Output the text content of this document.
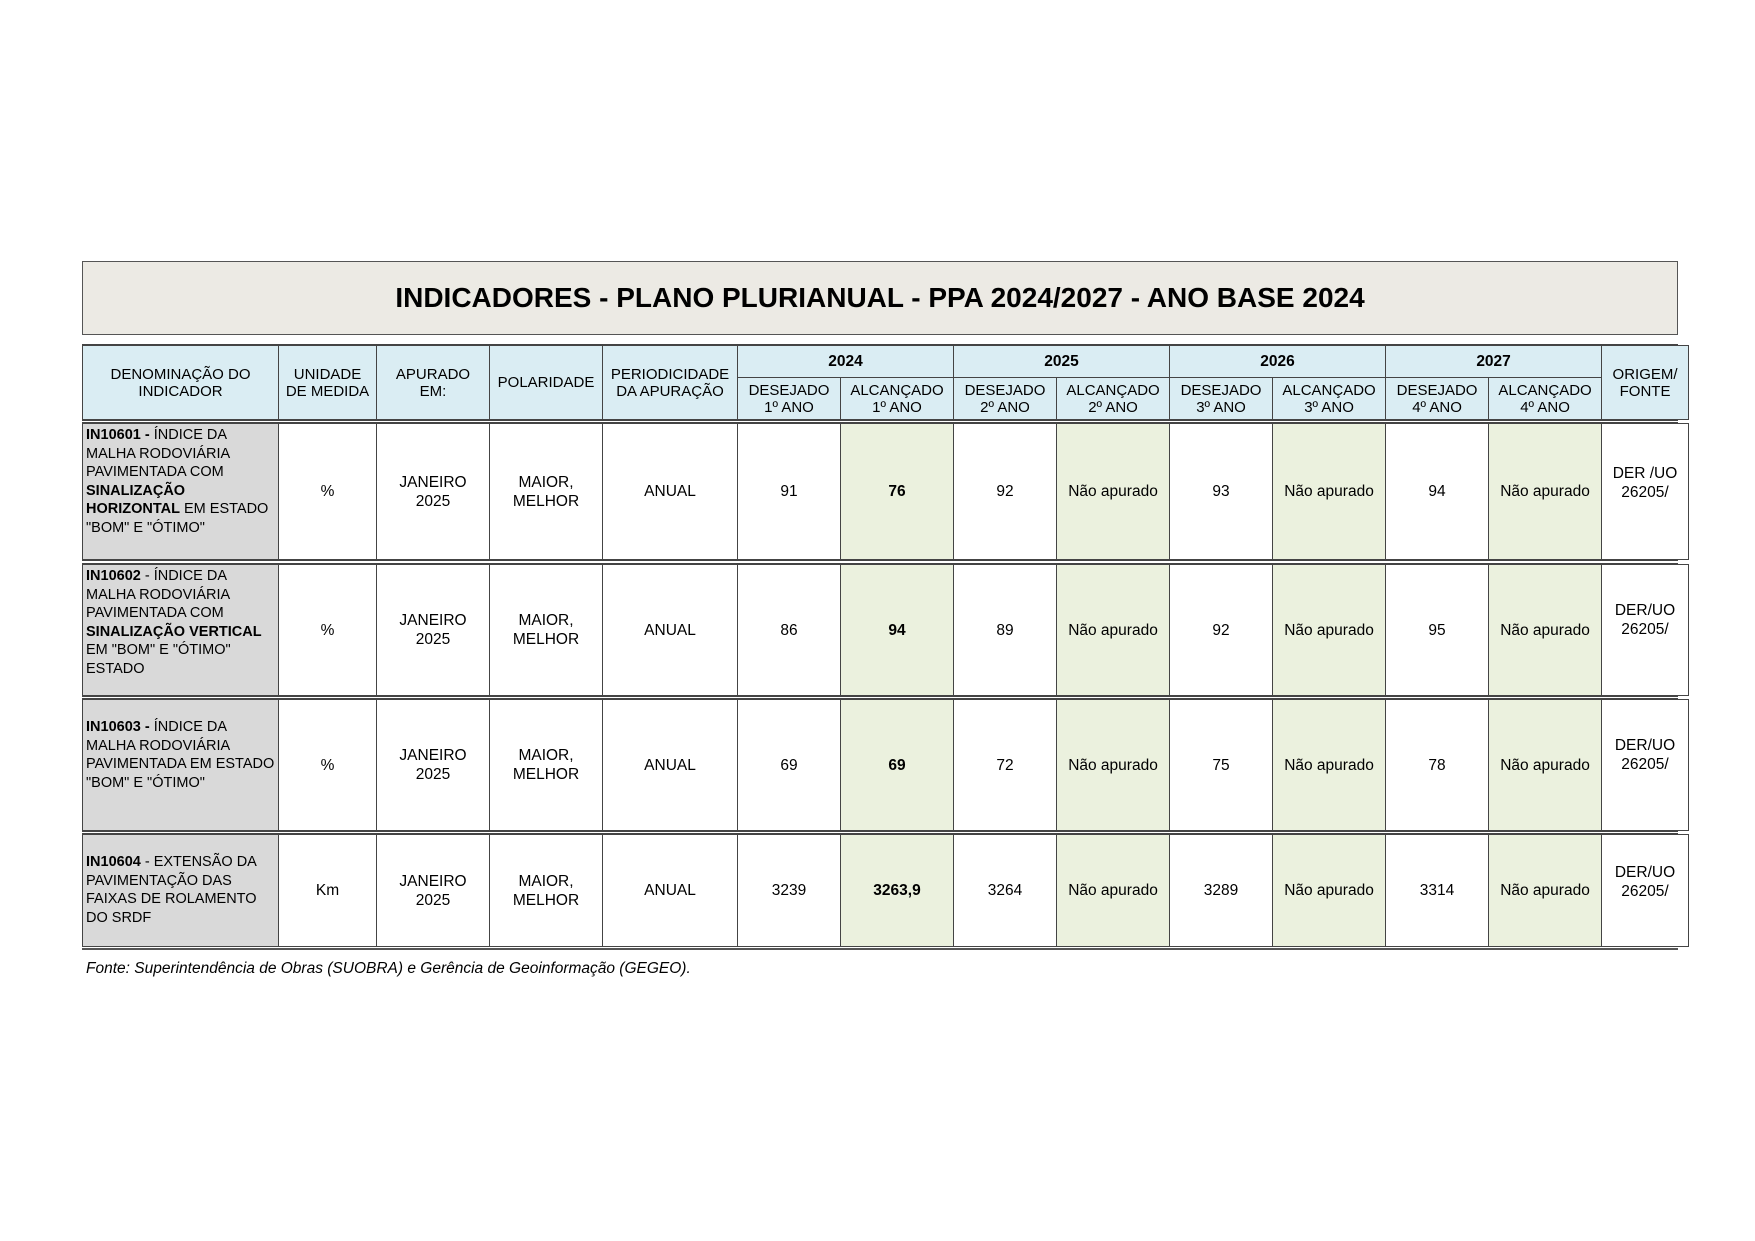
INDICADORES - PLANO PLURIANUAL - PPA 2024/2027 - ANO BASE 2024
DENOMINAÇÃO DO INDICADOR	UNIDADE DE MEDIDA	APURADO EM:	POLARIDADE	PERIODICIDADE DA APURAÇÃO	2024		2025		2026		2027		ORIGEM/ FONTE
					DESEJADO 1º ANO	ALCANÇADO 1º ANO	DESEJADO 2º ANO	ALCANÇADO 2º ANO	DESEJADO 3º ANO	ALCANÇADO 3º ANO	DESEJADO 4º ANO	ALCANÇADO 4º ANO	
IN10601 - ÍNDICE DA MALHA RODOVIÁRIA PAVIMENTADA COM SINALIZAÇÃO HORIZONTAL EM ESTADO "BOM" E "ÓTIMO"	%	JANEIRO 2025	MAIOR, MELHOR	ANUAL	91	76	92	Não apurado	93	Não apurado	94	Não apurado	DER /UO 26205/
IN10602 - ÍNDICE DA MALHA RODOVIÁRIA PAVIMENTADA COM SINALIZAÇÃO VERTICAL EM "BOM" E "ÓTIMO" ESTADO	%	JANEIRO 2025	MAIOR, MELHOR	ANUAL	86	94	89	Não apurado	92	Não apurado	95	Não apurado	DER/UO 26205/
IN10603 - ÍNDICE DA MALHA RODOVIÁRIA PAVIMENTADA EM ESTADO "BOM" E "ÓTIMO"	%	JANEIRO 2025	MAIOR, MELHOR	ANUAL	69	69	72	Não apurado	75	Não apurado	78	Não apurado	DER/UO 26205/
IN10604 - EXTENSÃO DA PAVIMENTAÇÃO DAS FAIXAS DE ROLAMENTO DO SRDF	Km	JANEIRO 2025	MAIOR, MELHOR	ANUAL	3239	3263,9	3264	Não apurado	3289	Não apurado	3314	Não apurado	DER/UO 26205/
Fonte: Superintendência de Obras (SUOBRA) e Gerência de Geoinformação (GEGEO).
